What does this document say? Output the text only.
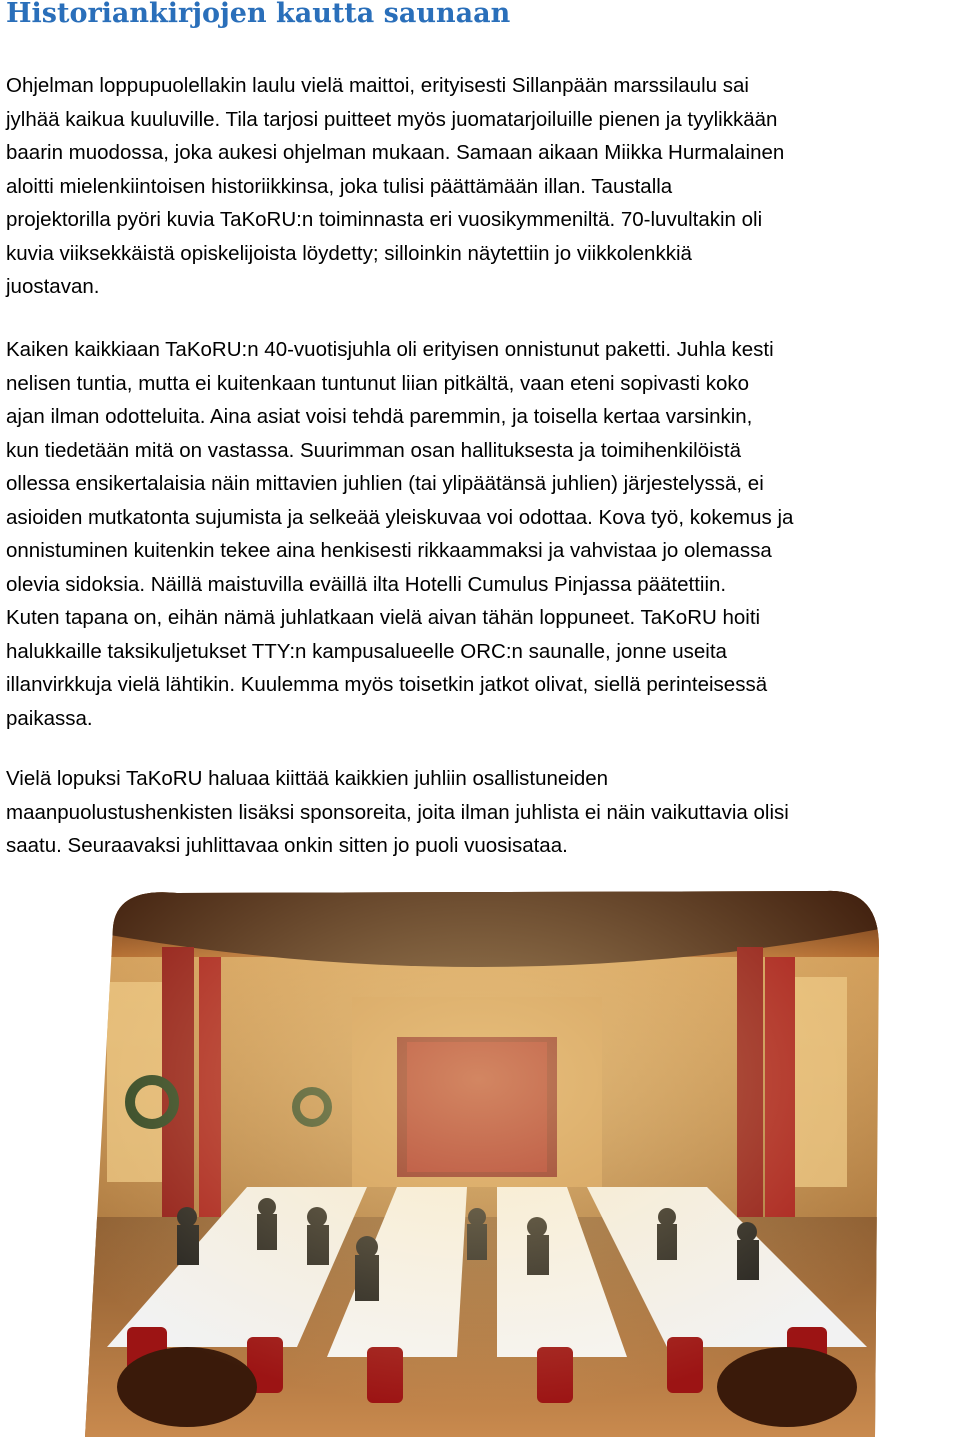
Historiankirjojen kautta saunaan

Ohjelman loppupuolellakin laulu vielä maittoi, erityisesti Sillanpään marssilaulu sai
jylhää kaikua kuuluville. Tila tarjosi puitteet myös juomatarjoiluille pienen ja tyylikkään
baarin muodossa, joka aukesi ohjelman mukaan. Samaan aikaan Miikka Hurmalainen
aloitti mielenkiintoisen historiikkinsa, joka tulisi päättämään illan. Taustalla
projektorilla pyöri kuvia TaKoRU:n toiminnasta eri vuosikymmeniltä. 70-luvultakin oli
kuvia viiksekkäistä opiskelijoista löydetty; silloinkin näytettiin jo viikkolenkkiä
juostavan.

Kaiken kaikkiaan TaKoRU:n 40-vuotisjuhla oli erityisen onnistunut paketti. Juhla kesti
nelisen tuntia, mutta ei kuitenkaan tuntunut liian pitkältä, vaan eteni sopivasti koko
ajan ilman odotteluita. Aina asiat voisi tehdä paremmin, ja toisella kertaa varsinkin,
kun tiedetään mitä on vastassa. Suurimman osan hallituksesta ja toimihenkilöistä
ollessa ensikertalaisia näin mittavien juhlien (tai ylipäätänsä juhlien) järjestelyssä, ei
asioiden mutkatonta sujumista ja selkeää yleiskuvaa voi odottaa. Kova työ, kokemus ja
onnistuminen kuitenkin tekee aina henkisesti rikkaammaksi ja vahvistaa jo olemassa
olevia sidoksia. Näillä maistuvilla eväillä ilta Hotelli Cumulus Pinjassa päätettiin.
Kuten tapana on, eihän nämä juhlatkaan vielä aivan tähän loppuneet. TaKoRU hoiti
halukkaille taksikuljetukset TTY:n kampusalueelle ORC:n saunalle, jonne useita
illanvirkkuja vielä lähtikin. Kuulemma myös toisetkin jatkot olivat, siellä perinteisessä
paikassa.

Vielä lopuksi TaKoRU haluaa kiittää kaikkien juhliin osallistuneiden
maanpuolustushenkisten lisäksi sponsoreita, joita ilman juhlista ei näin vaikuttavia olisi
saatu. Seuraavaksi juhlittavaa onkin sitten jo puoli vuosisataa.
